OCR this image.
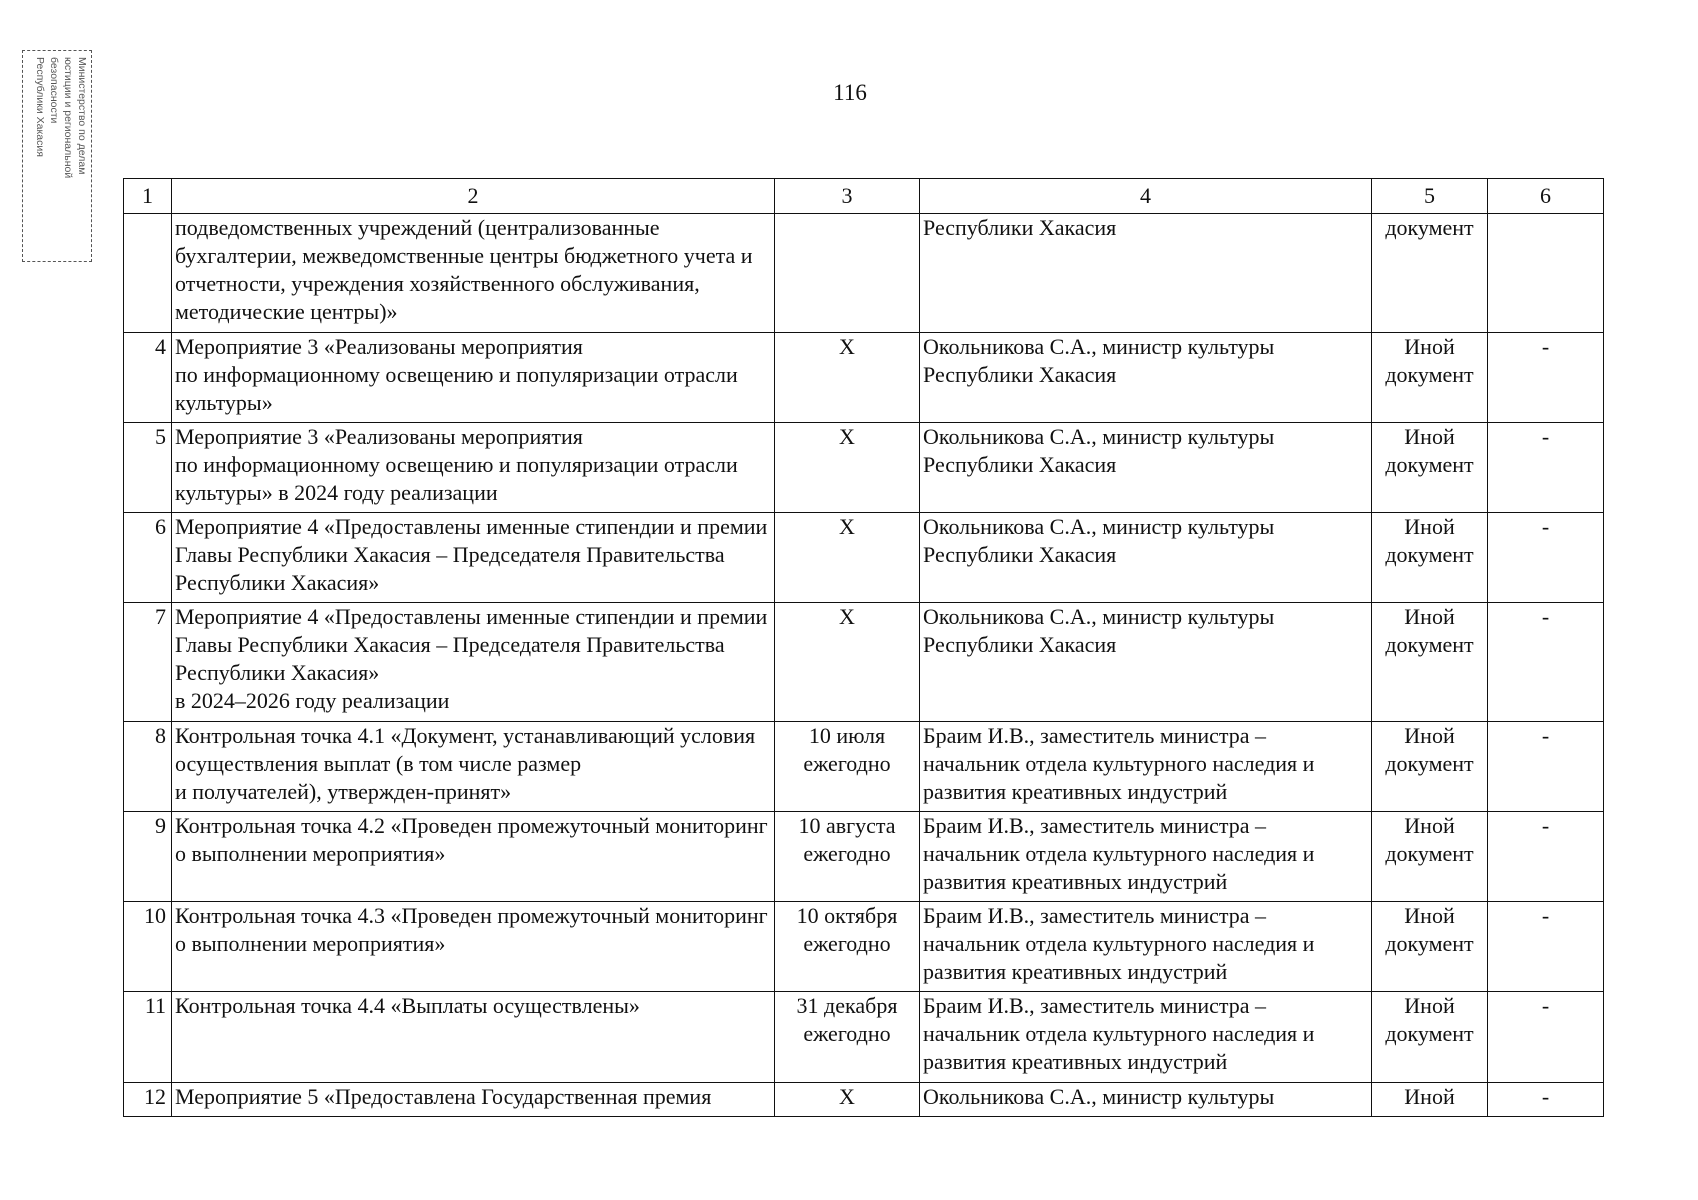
Министерство по делам
юстиции и региональной
безопасности
Республики Хакасия
116
1	2	3	4	5	6
	подведомственных учреждений (централизованные бухгалтерии, межведомственные центры бюджетного учета и отчетности, учреждения хозяйственного обслуживания, методические центры)»		Республики Хакасия	документ	
4	Мероприятие 3 «Реализованы мероприятия
по информационному освещению и популяризации отрасли культуры»	X	Окольникова С.А., министр культуры Республики Хакасия	Иной документ	-
5	Мероприятие 3 «Реализованы мероприятия
по информационному освещению и популяризации отрасли культуры» в 2024 году реализации	X	Окольникова С.А., министр культуры Республики Хакасия	Иной документ	-
6	Мероприятие 4 «Предоставлены именные стипендии и премии Главы Республики Хакасия – Председателя Правительства Республики Хакасия»	X	Окольникова С.А., министр культуры Республики Хакасия	Иной документ	-
7	Мероприятие 4 «Предоставлены именные стипендии и премии Главы Республики Хакасия – Председателя Правительства Республики Хакасия»
в 2024–2026 году реализации	X	Окольникова С.А., министр культуры Республики Хакасия	Иной документ	-
8	Контрольная точка 4.1 «Документ, устанавливающий условия осуществления выплат (в том числе размер
и получателей), утвержден-принят»	10 июля ежегодно	Браим И.В., заместитель министра – начальник отдела культурного наследия и развития креативных индустрий	Иной документ	-
9	Контрольная точка 4.2 «Проведен промежуточный мониторинг о выполнении мероприятия»	10 августа ежегодно	Браим И.В., заместитель министра – начальник отдела культурного наследия и развития креативных индустрий	Иной документ	-
10	Контрольная точка 4.3 «Проведен промежуточный мониторинг о выполнении мероприятия»	10 октября ежегодно	Браим И.В., заместитель министра – начальник отдела культурного наследия и развития креативных индустрий	Иной документ	-
11	Контрольная точка 4.4 «Выплаты осуществлены»	31 декабря ежегодно	Браим И.В., заместитель министра – начальник отдела культурного наследия и развития креативных индустрий	Иной документ	-
12	Мероприятие 5 «Предоставлена Государственная премия	X	Окольникова С.А., министр культуры	Иной	-
